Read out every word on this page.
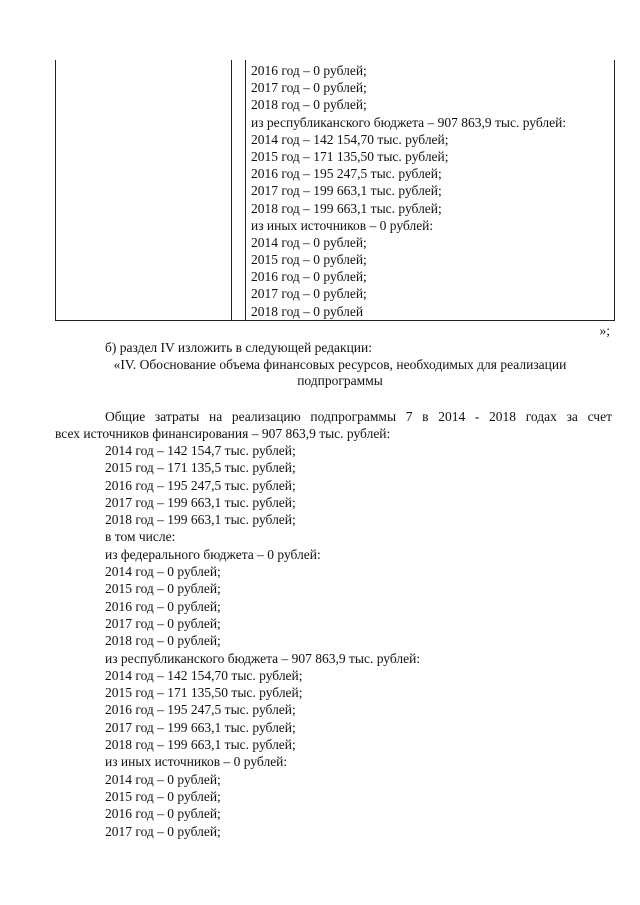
2016 год – 0 рублей;
2017 год – 0 рублей;
2018 год – 0 рублей;
из республиканского бюджета – 907 863,9 тыс. рублей:
2014 год – 142 154,70 тыс. рублей;
2015 год – 171 135,50 тыс. рублей;
2016 год – 195 247,5 тыс. рублей;
2017 год – 199 663,1 тыс. рублей;
2018 год – 199 663,1 тыс. рублей;
из иных источников – 0 рублей:
2014 год – 0 рублей;
2015 год – 0 рублей;
2016 год – 0 рублей;
2017 год – 0 рублей;
2018 год – 0 рублей
»;
б) раздел IV изложить в следующей редакции:
«IV. Обоснование объема финансовых ресурсов, необходимых для реализации
подпрограммы
Общие затраты на реализацию подпрограммы 7 в 2014 - 2018 годах за счет
всех источников финансирования – 907 863,9 тыс. рублей:
2014 год – 142 154,7 тыс. рублей;
2015 год – 171 135,5 тыс. рублей;
2016 год – 195 247,5 тыс. рублей;
2017 год – 199 663,1 тыс. рублей;
2018 год – 199 663,1 тыс. рублей;
в том числе:
из федерального бюджета – 0 рублей:
2014 год – 0 рублей;
2015 год – 0 рублей;
2016 год – 0 рублей;
2017 год – 0 рублей;
2018 год – 0 рублей;
из республиканского бюджета – 907 863,9 тыс. рублей:
2014 год – 142 154,70 тыс. рублей;
2015 год – 171 135,50 тыс. рублей;
2016 год – 195 247,5 тыс. рублей;
2017 год – 199 663,1 тыс. рублей;
2018 год – 199 663,1 тыс. рублей;
из иных источников – 0 рублей:
2014 год – 0 рублей;
2015 год – 0 рублей;
2016 год – 0 рублей;
2017 год – 0 рублей;
